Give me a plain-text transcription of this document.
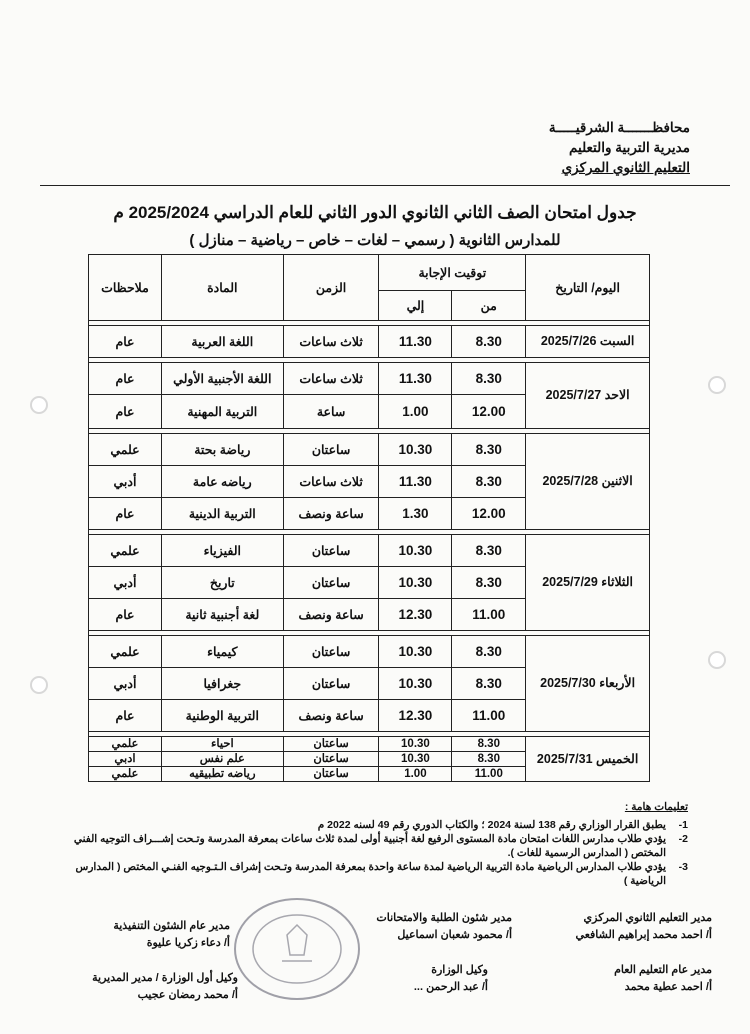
محافظـــــــة الشرقيـــــة
مديرية التربية والتعليم
التعليم الثانوي المركزي
جدول امتحان الصف الثاني الثانوي الدور الثاني للعام الدراسي 2025/2024 م
للمدارس الثانوية ( رسمي – لغات – خاص – رياضية – منازل )
اليوم/ التاريخ	توقيت الإجابة		الزمن	المادة	ملاحظات
	من	إلي			

السبت 2025/7/26	8.30	11.30	ثلاث ساعات	اللغة العربية	عام

الاحد 2025/7/27	8.30	11.30	ثلاث ساعات	اللغة الأجنبية الأولي	عام
	12.00	1.00	ساعة	التربية المهنية	عام

الاثنين 2025/7/28	8.30	10.30	ساعتان	رياضة بحتة	علمي
	8.30	11.30	ثلاث ساعات	رياضه عامة	أدبي
	12.00	1.30	ساعة ونصف	التربية الدينية	عام

الثلاثاء 2025/7/29	8.30	10.30	ساعتان	الفيزياء	علمي
	8.30	10.30	ساعتان	تاريخ	أدبي
	11.00	12.30	ساعة ونصف	لغة أجنبية ثانية	عام

الأربعاء 2025/7/30	8.30	10.30	ساعتان	كيمياء	علمي
	8.30	10.30	ساعتان	جغرافيا	أدبي
	11.00	12.30	ساعة ونصف	التربية الوطنية	عام

الخميس 2025/7/31	8.30	10.30	ساعتان	احياء	علمي
	8.30	10.30	ساعتان	علم نفس	ادبي
	11.00	1.00	ساعتان	رياضه تطبيقيه	علمي
تعليمات هامة :
1-
يطبق القرار الوزاري رقم 138 لسنة 2024 ؛ والكتاب الدوري رقم 49 لسنه 2022 م
2-
يؤدي طلاب مدارس اللغات امتحان مادة المستوى الرفيع لغة أجنبية أولى لمدة ثلاث ساعات بمعرفة المدرسة وتـحت إشـــراف التوجيه الفني المختص ( المدارس الرسمية للغات ).
3-
يؤدي طلاب المدارس الرياضية مادة التربية الرياضية لمدة ساعة واحدة بمعرفة المدرسة وتـحت إشراف الـتـوجيه الفنـي المختص ( المدارس الرياضية )
مدير التعليم الثانوي المركزي
أ/ احمد محمد إبراهيم الشافعي
مدير عام التعليم العام
أ/ احمد عطية محمد
مدير شئون الطلبة والامتحانات
أ/ محمود شعبان اسماعيل
وكيل الوزارة
أ/ عبد الرحمن ...
مدير عام الشئون التنفيذية
أ/ دعاء زكريا عليوة
وكيل أول الوزارة / مدير المديرية
أ/ محمد رمضان عجيب
